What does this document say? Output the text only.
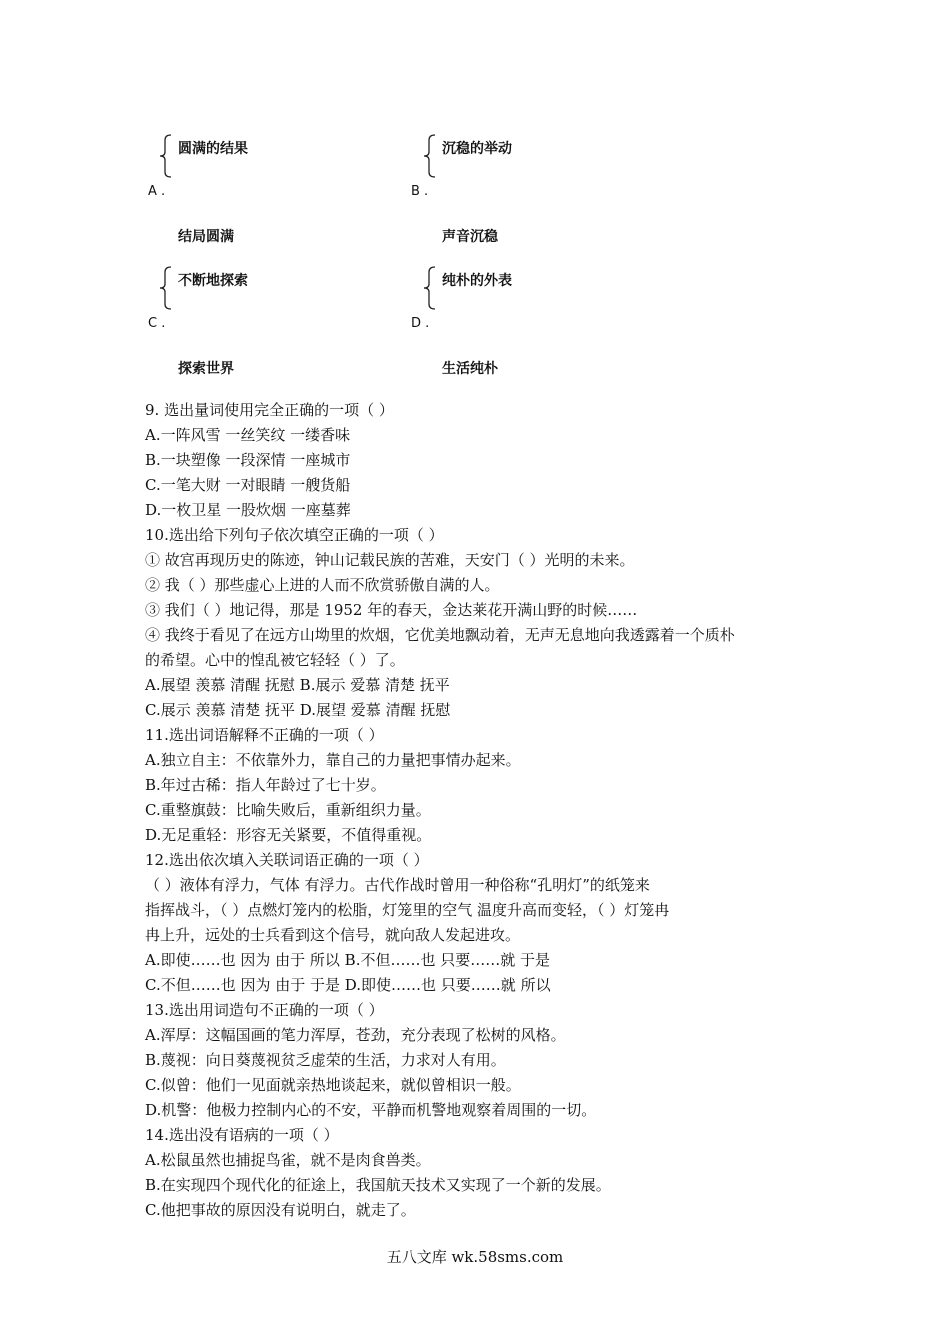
圆满的结果
A .
结局圆满
沉稳的举动
B .
声音沉稳
不断地探索
C .
探索世界
纯朴的外表
D .
生活纯朴
9. 选出量词使用完全正确的一项（ ）
A.一阵风雪 一丝笑纹 一缕香味
B.一块塑像 一段深情 一座城市
C.一笔大财 一对眼睛 一艘货船
D.一枚卫星 一股炊烟 一座墓葬
10.选出给下列句子依次填空正确的一项（ ）
① 故宫再现历史的陈迹，钟山记载民族的苦难，天安门（ ）光明的未来。
② 我（ ）那些虚心上进的人而不欣赏骄傲自满的人。
③ 我们（ ）地记得，那是 1952 年的春天，金达莱花开满山野的时候……
④ 我终于看见了在远方山坳里的炊烟，它优美地飘动着，无声无息地向我透露着一个质朴
的希望。心中的惶乱被它轻轻（ ）了。
A.展望 羡慕 清醒 抚慰 B.展示 爱慕 清楚 抚平
C.展示 羡慕 清楚 抚平 D.展望 爱慕 清醒 抚慰
11.选出词语解释不正确的一项（ ）
A.独立自主：不依靠外力，靠自己的力量把事情办起来。
B.年过古稀：指人年龄过了七十岁。
C.重整旗鼓：比喻失败后，重新组织力量。
D.无足重轻：形容无关紧要，不值得重视。
12.选出依次填入关联词语正确的一项（ ）
（ ）液体有浮力，气体 有浮力。古代作战时曾用一种俗称“孔明灯”的纸笼来
指挥战斗，（ ）点燃灯笼内的松脂，灯笼里的空气 温度升高而变轻，（ ）灯笼冉
冉上升，远处的士兵看到这个信号，就向敌人发起进攻。
A.即使……也 因为 由于 所以 B.不但……也 只要……就 于是
C.不但……也 因为 由于 于是 D.即使……也 只要……就 所以
13.选出用词造句不正确的一项（ ）
A.浑厚：这幅国画的笔力浑厚，苍劲，充分表现了松树的风格。
B.蔑视：向日葵蔑视贫乏虚荣的生活，力求对人有用。
C.似曾：他们一见面就亲热地谈起来，就似曾相识一般。
D.机警：他极力控制内心的不安，平静而机警地观察着周围的一切。
14.选出没有语病的一项（ ）
A.松鼠虽然也捕捉鸟雀，就不是肉食兽类。
B.在实现四个现代化的征途上，我国航天技术又实现了一个新的发展。
C.他把事故的原因没有说明白，就走了。
五八文库 wk.58sms.com
